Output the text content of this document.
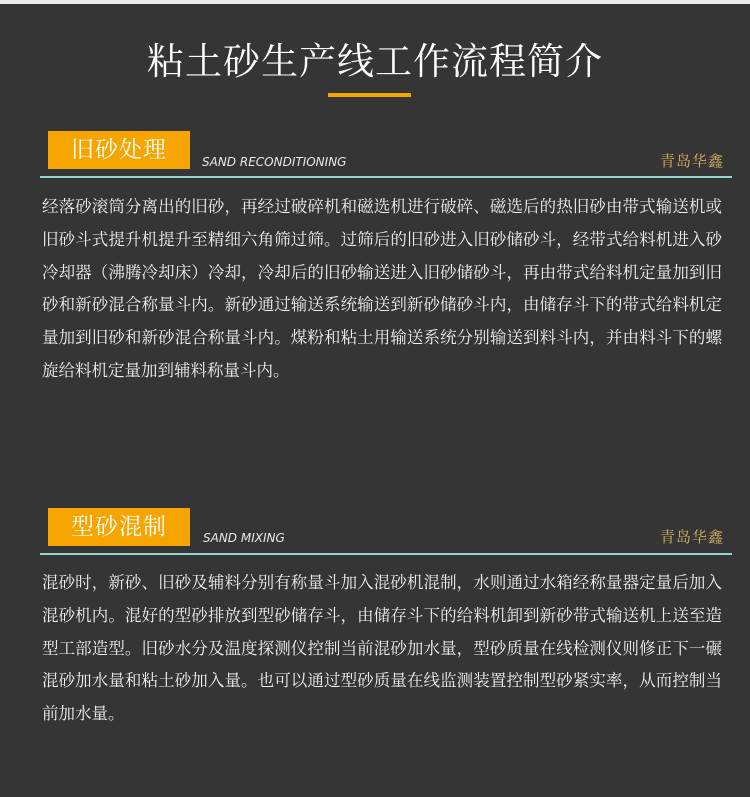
粘土砂生产线工作流程简介
旧砂处理	SAND RECONDITIONING	青岛华鑫
经落砂滚筒分离出的旧砂，再经过破碎机和磁选机进行破碎、磁选后的热旧砂由带式输送机或旧砂斗式提升机提升至精细六角筛过筛。过筛后的旧砂进入旧砂储砂斗，经带式给料机进入砂冷却器（沸腾冷却床）冷却，冷却后的旧砂输送进入旧砂储砂斗，再由带式给料机定量加到旧砂和新砂混合称量斗内。新砂通过输送系统输送到新砂储砂斗内，由储存斗下的带式给料机定量加到旧砂和新砂混合称量斗内。煤粉和粘土用输送系统分别输送到料斗内，并由料斗下的螺旋给料机定量加到辅料称量斗内。
型砂混制	SAND MIXING	青岛华鑫
混砂时，新砂、旧砂及辅料分别有称量斗加入混砂机混制，水则通过水箱经称量器定量后加入混砂机内。混好的型砂排放到型砂储存斗，由储存斗下的给料机卸到新砂带式输送机上送至造型工部造型。旧砂水分及温度探测仪控制当前混砂加水量，型砂质量在线检测仪则修正下一碾混砂加水量和粘土砂加入量。也可以通过型砂质量在线监测装置控制型砂紧实率，从而控制当前加水量。
